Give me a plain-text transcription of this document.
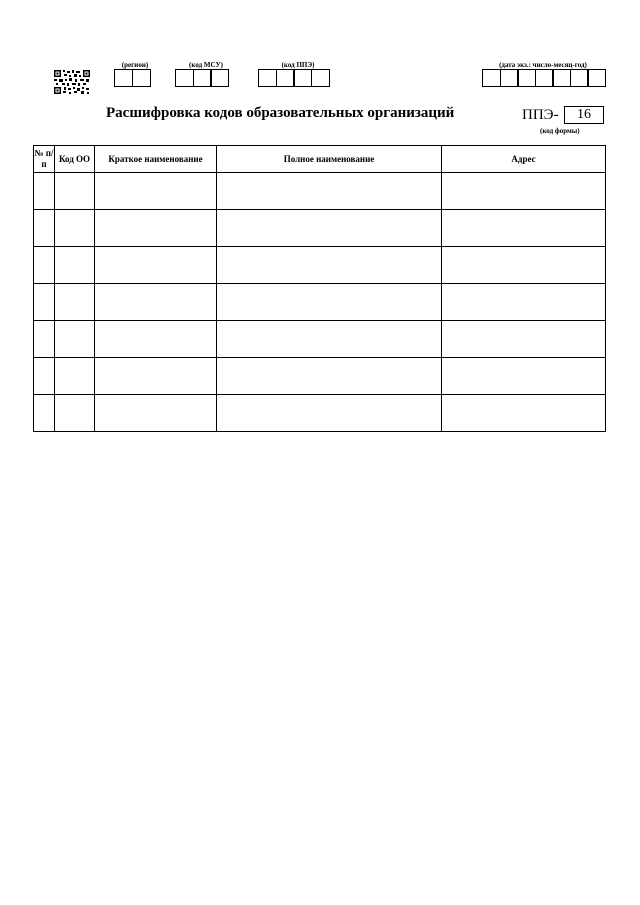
(регион)	(код МСУ)	(код ППЭ)	(дата экз.: число-месяц-год)
Расшифровка кодов образовательных организаций	ППЭ-	16
(код формы)
№ п/п	Код ОО	Краткое наименование	Полное наименование	Адрес
